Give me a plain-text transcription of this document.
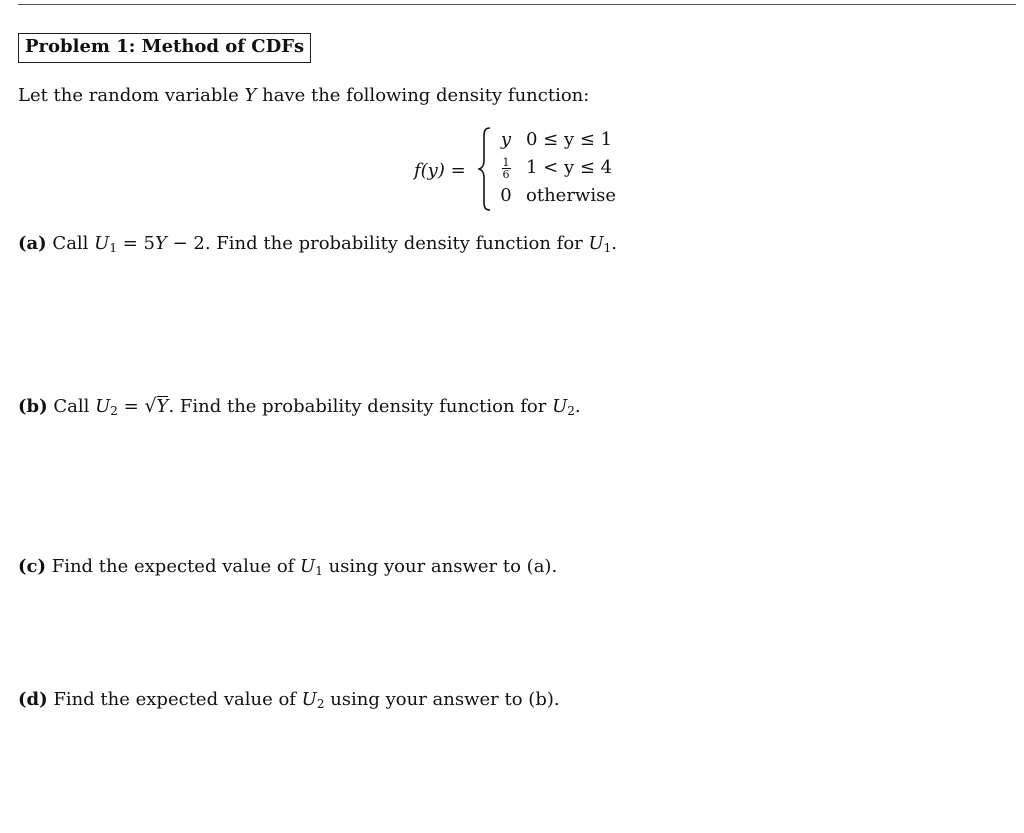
Problem 1: Method of CDFs
Let the random variable Y have the following density function:
f(y) =
y 0 ≤ y ≤ 1
$\frac{1}{6} 1 < y \le 4$
0 otherwise
(a) Call $U_1 = 5Y - 2$. Find the probability density function for $U_1$.
(b) Call $U_2 = √Y$. Find the probability density function for $U_2$.
(c) Find the expected value of $U_1$ using your answer to (a).
(d) Find the expected value of $U_2$ using your answer to (b).
